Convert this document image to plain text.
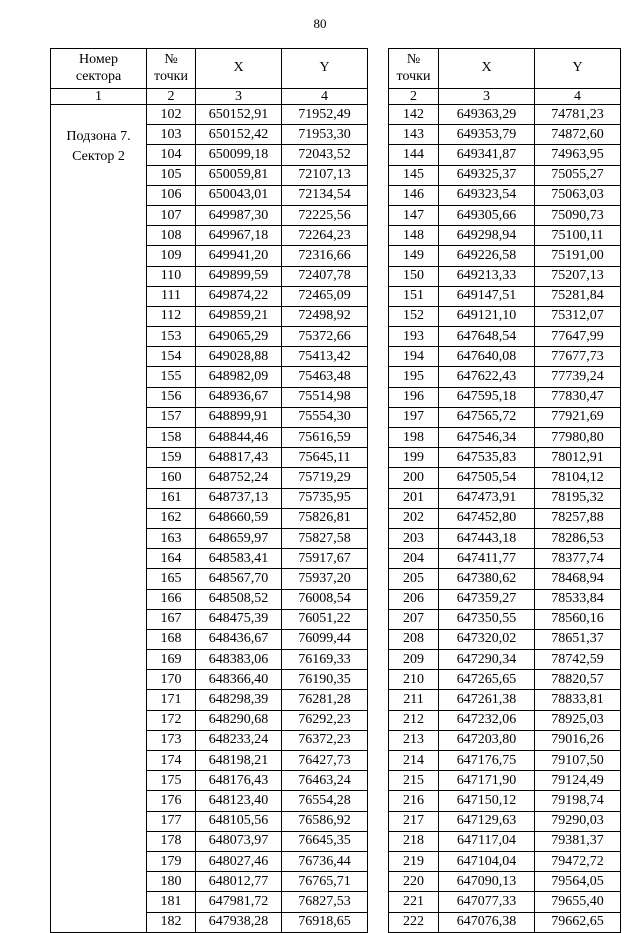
80
Номер
сектора	№
точки	X	Y
1	2	3	4
Подзона 7.
Сектор 2	102	650152,91	71952,49
	103	650152,42	71953,30
	104	650099,18	72043,52
	105	650059,81	72107,13
	106	650043,01	72134,54
	107	649987,30	72225,56
	108	649967,18	72264,23
	109	649941,20	72316,66
	110	649899,59	72407,78
	111	649874,22	72465,09
	112	649859,21	72498,92
	153	649065,29	75372,66
	154	649028,88	75413,42
	155	648982,09	75463,48
	156	648936,67	75514,98
	157	648899,91	75554,30
	158	648844,46	75616,59
	159	648817,43	75645,11
	160	648752,24	75719,29
	161	648737,13	75735,95
	162	648660,59	75826,81
	163	648659,97	75827,58
	164	648583,41	75917,67
	165	648567,70	75937,20
	166	648508,52	76008,54
	167	648475,39	76051,22
	168	648436,67	76099,44
	169	648383,06	76169,33
	170	648366,40	76190,35
	171	648298,39	76281,28
	172	648290,68	76292,23
	173	648233,24	76372,23
	174	648198,21	76427,73
	175	648176,43	76463,24
	176	648123,40	76554,28
	177	648105,56	76586,92
	178	648073,97	76645,35
	179	648027,46	76736,44
	180	648012,77	76765,71
	181	647981,72	76827,53
	182	647938,28	76918,65
№
точки	X	Y
2	3	4
142	649363,29	74781,23
143	649353,79	74872,60
144	649341,87	74963,95
145	649325,37	75055,27
146	649323,54	75063,03
147	649305,66	75090,73
148	649298,94	75100,11
149	649226,58	75191,00
150	649213,33	75207,13
151	649147,51	75281,84
152	649121,10	75312,07
193	647648,54	77647,99
194	647640,08	77677,73
195	647622,43	77739,24
196	647595,18	77830,47
197	647565,72	77921,69
198	647546,34	77980,80
199	647535,83	78012,91
200	647505,54	78104,12
201	647473,91	78195,32
202	647452,80	78257,88
203	647443,18	78286,53
204	647411,77	78377,74
205	647380,62	78468,94
206	647359,27	78533,84
207	647350,55	78560,16
208	647320,02	78651,37
209	647290,34	78742,59
210	647265,65	78820,57
211	647261,38	78833,81
212	647232,06	78925,03
213	647203,80	79016,26
214	647176,75	79107,50
215	647171,90	79124,49
216	647150,12	79198,74
217	647129,63	79290,03
218	647117,04	79381,37
219	647104,04	79472,72
220	647090,13	79564,05
221	647077,33	79655,40
222	647076,38	79662,65
